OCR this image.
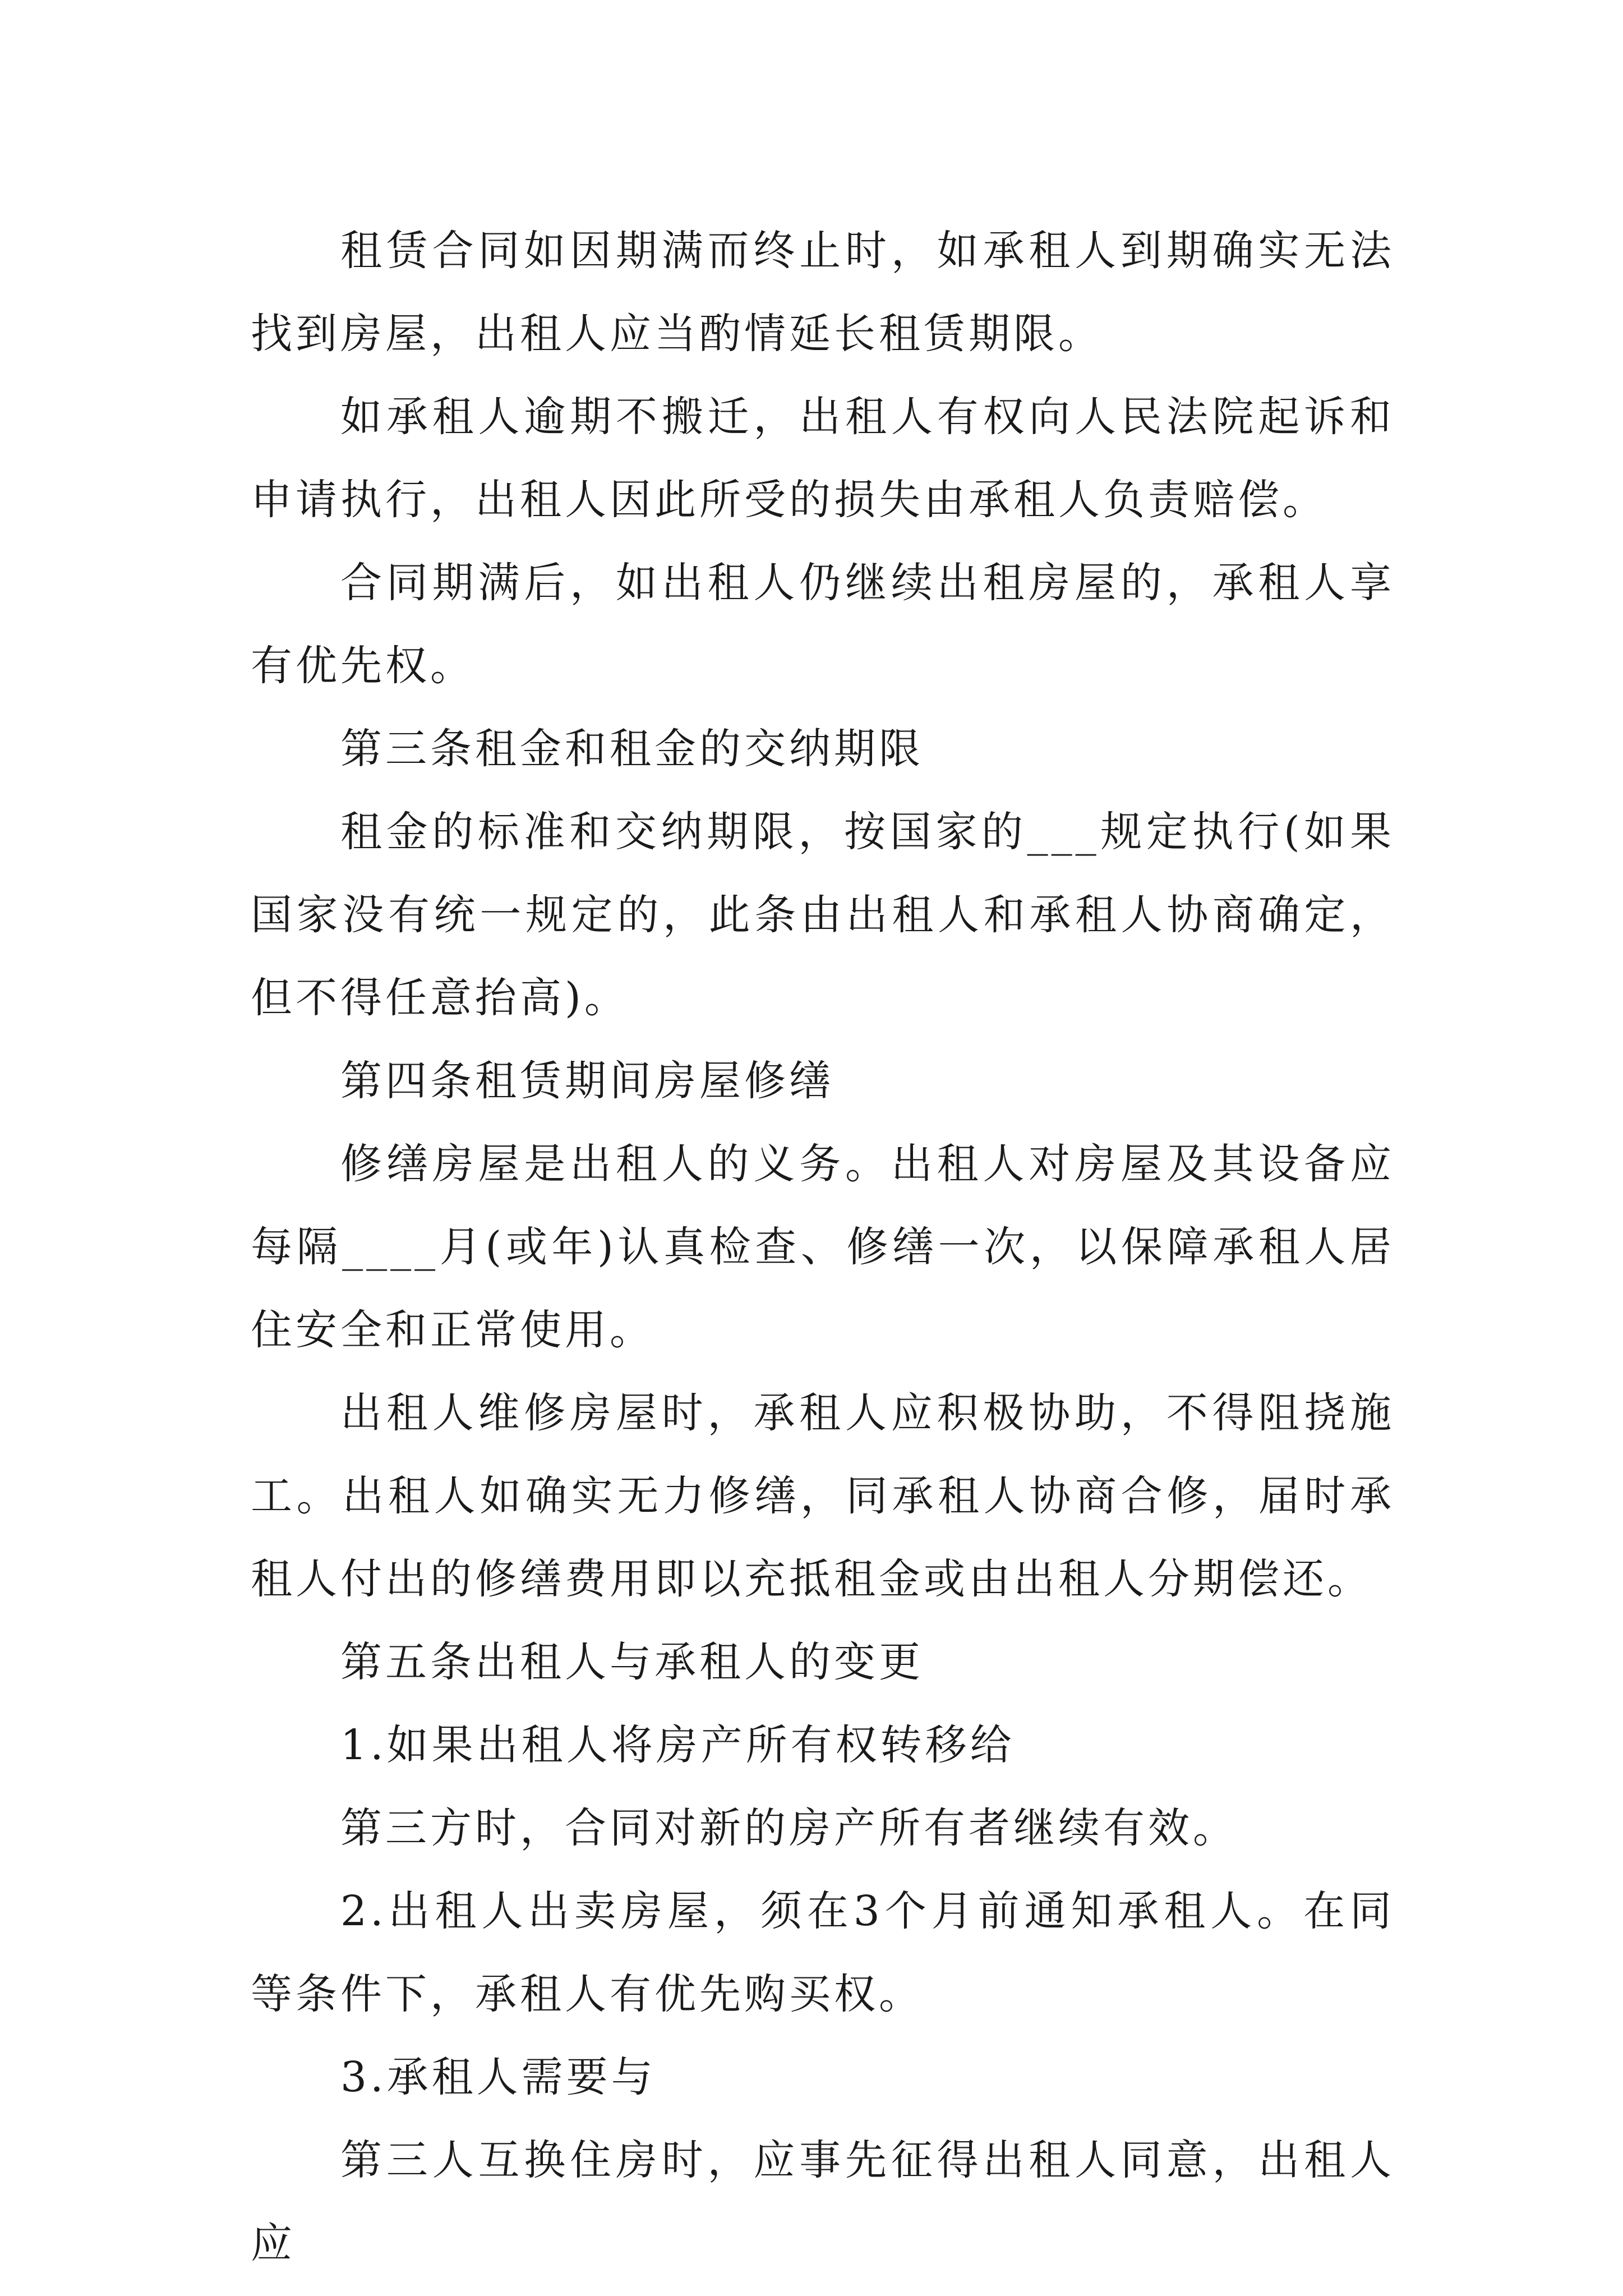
租赁合同如因期满而终止时，如承租人到期确实无法找到房屋，出租人应当酌情延长租赁期限。

如承租人逾期不搬迁，出租人有权向人民法院起诉和申请执行，出租人因此所受的损失由承租人负责赔偿。

合同期满后，如出租人仍继续出租房屋的，承租人享有优先权。

第三条租金和租金的交纳期限

租金的标准和交纳期限，按国家的___规定执行(如果国家没有统一规定的，此条由出租人和承租人协商确定，但不得任意抬高)。

第四条租赁期间房屋修缮

修缮房屋是出租人的义务。出租人对房屋及其设备应每隔____月(或年)认真检查、修缮一次，以保障承租人居住安全和正常使用。

出租人维修房屋时，承租人应积极协助，不得阻挠施工。出租人如确实无力修缮，同承租人协商合修，届时承租人付出的修缮费用即以充抵租金或由出租人分期偿还。

第五条出租人与承租人的变更

1.如果出租人将房产所有权转移给

第三方时，合同对新的房产所有者继续有效。

2.出租人出卖房屋，须在3个月前通知承租人。在同等条件下，承租人有优先购买权。

3.承租人需要与

第三人互换住房时，应事先征得出租人同意，出租人应
